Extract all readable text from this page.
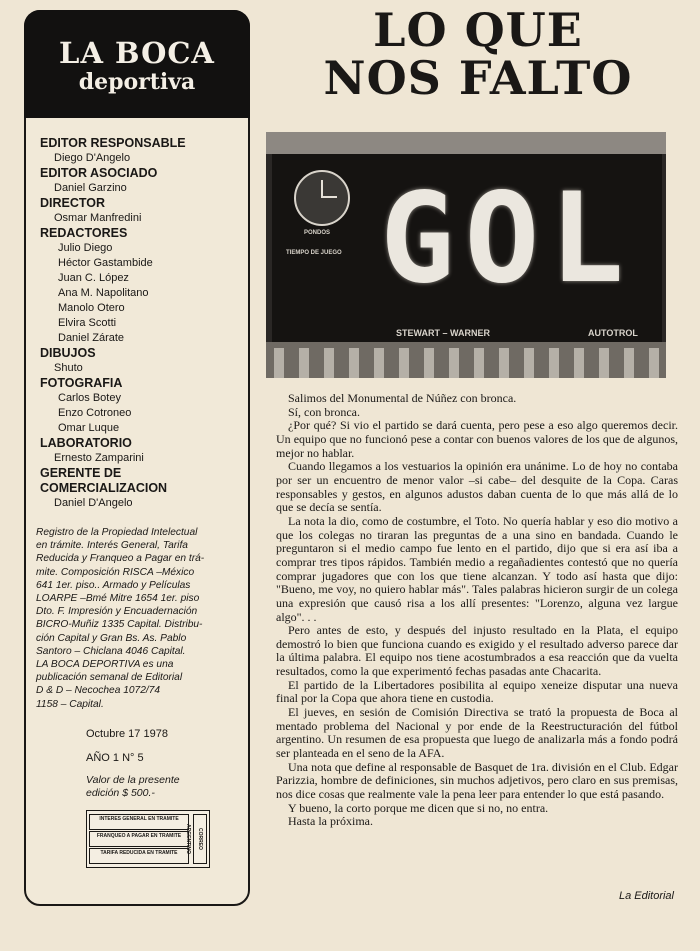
LA BOCA
deportiva
EDITOR RESPONSABLE
Diego D'Angelo
EDITOR ASOCIADO
Daniel Garzino
DIRECTOR
Osmar Manfredini
REDACTORES
Julio Diego
Héctor Gastambide
Juan C. López
Ana M. Napolitano
Manolo Otero
Elvira Scotti
Daniel Zárate
DIBUJOS
Shuto
FOTOGRAFIA
Carlos Botey
Enzo Cotroneo
Omar Luque
LABORATORIO
Ernesto Zamparini
GERENTE DE
COMERCIALIZACION
Daniel D'Angelo
Registro de la Propiedad Intelectual
en trámite. Interés General, Tarifa
Reducida y Franqueo a Pagar en trá-
mite. Composición RISCA –México
641 1er. piso.. Armado y Películas
LOARPE –Bmé Mitre 1654 1er. piso
Dto. F. Impresión y Encuadernación
BICRO-Muñiz 1335 Capital. Distribu-
ción Capital y Gran Bs. As. Pablo
Santoro – Chiclana 4046 Capital.
LA BOCA DEPORTIVA es una
publicación semanal de Editorial
D & D – Necochea 1072/74
1158 – Capital.
Octubre 17 1978
AÑO 1 N° 5
Valor de la presente
edición $ 500.-
INTERES GENERAL EN TRAMITE
FRANQUEO A PAGAR EN TRAMITE
TARIFA REDUCIDA EN TRAMITE
CORREO ARGENTINO
LO QUE
NOS FALTO
PONDOS
TIEMPO DE JUEGO GOL
STEWART – WARNER	AUTOTROL

Salimos del Monumental de Núñez con bronca.

Sí, con bronca.

¿Por qué? Si vio el partido se dará cuenta, pero pese a eso algo queremos decir. Un equipo que no funcionó pese a contar con buenos valores de los que de algunos, mejor no hablar.

Cuando llegamos a los vestuarios la opinión era unánime. Lo de hoy no contaba por ser un encuentro de menor valor –si cabe– del desquite de la Copa. Caras responsables y gestos, en algunos adustos daban cuenta de lo que más allá de lo que se decía se sentía.

La nota la dio, como de costumbre, el Toto. No quería hablar y eso dio motivo a que los colegas no tiraran las preguntas de a una sino en bandada. Cuando le preguntaron si el medio campo fue lento en el partido, dijo que si era así iba a comprar tres tipos rápidos. También medio a regañadientes contestó que no quería comprar jugadores que con los que tiene alcanzan. Y todo así hasta que dijo: "Bueno, me voy, no quiero hablar más". Tales palabras hicieron surgir de un colega una expresión que causó risa a los allí presentes: "Lorenzo, alguna vez largue algo". . .

Pero antes de esto, y después del injusto resultado en la Plata, el equipo demostró lo bien que funciona cuando es exigido y el resultado adverso parece dar la última palabra. El equipo nos tiene acostumbrados a esa reacción que da vuelta resultados, como la que experimentó fechas pasadas ante Chacarita.

El partido de la Libertadores posibilita al equipo xeneize disputar una nueva final por la Copa que ahora tiene en custodia.

El jueves, en sesión de Comisión Directiva se trató la propuesta de Boca al mentado problema del Nacional y por ende de la Reestructuración del fútbol argentino. Un resumen de esa propuesta que luego de analizarla más a fondo podrá ser planteada en el seno de la AFA.

Una nota que define al responsable de Basquet de 1ra. división en el Club. Edgar Parizzia, hombre de definiciones, sin muchos adjetivos, pero claro en sus premisas, nos dice cosas que realmente vale la pena leer para entender lo que está pasando.

Y bueno, la corto porque me dicen que si no, no entra.

Hasta la próxima.

La Editorial
